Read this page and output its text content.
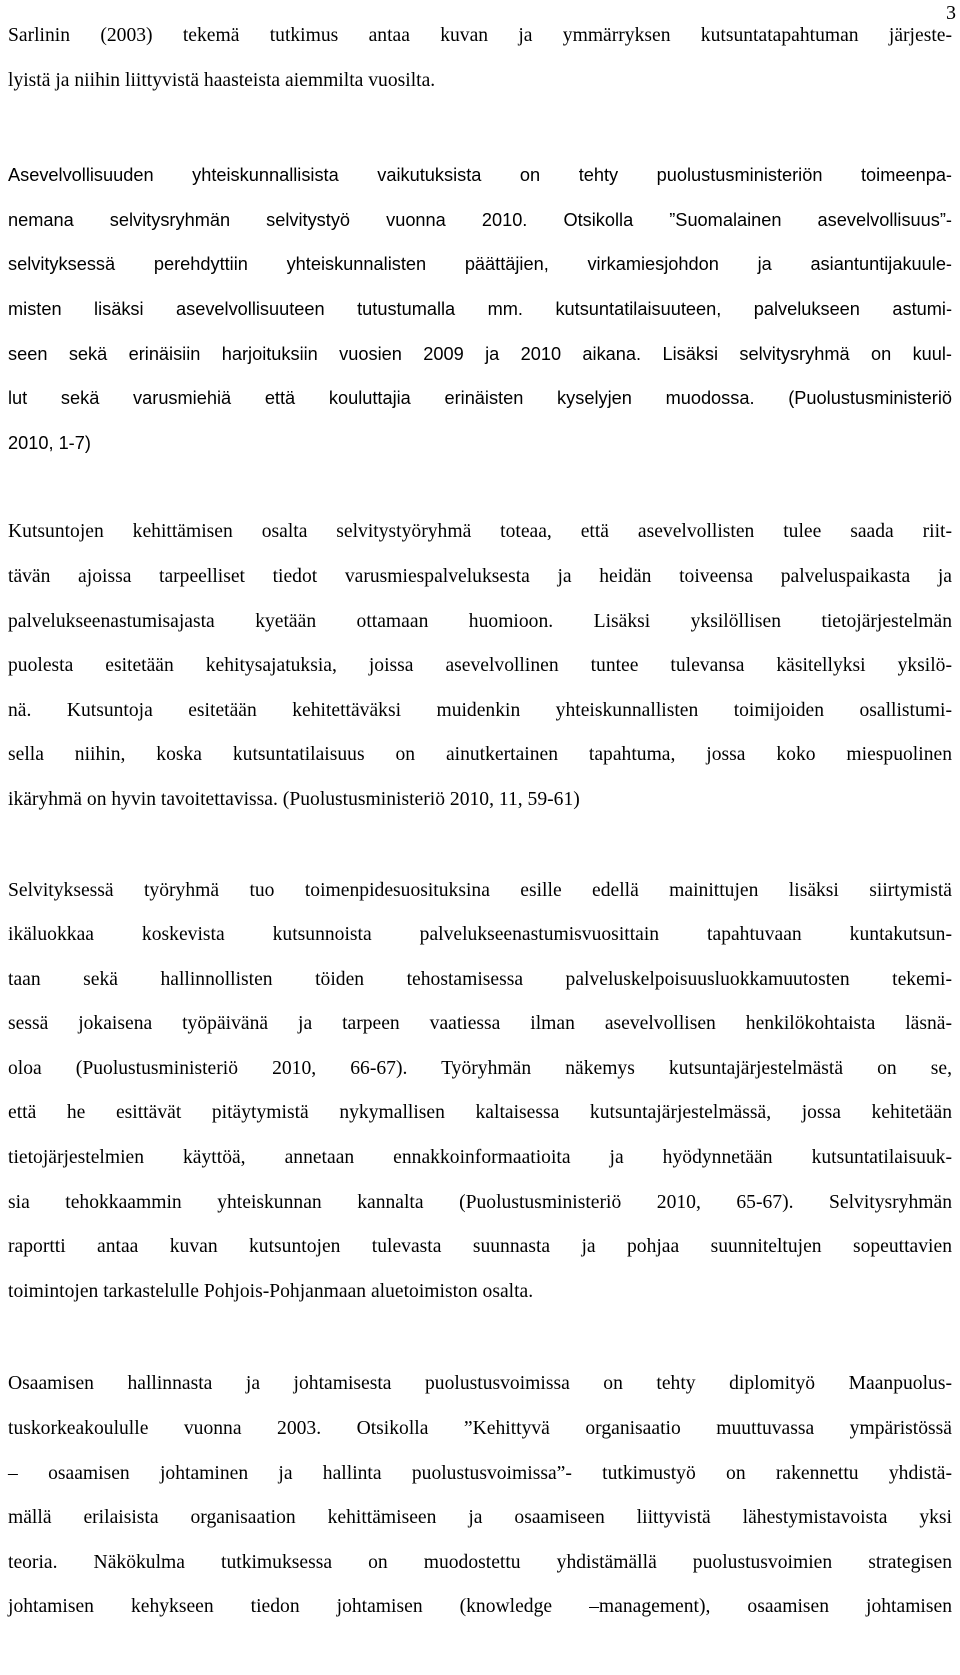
3

Sarlinin (2003) tekemä tutkimus antaa kuvan ja ymmärryksen kutsuntatapahtuman järjeste-
lyistä ja niihin liittyvistä haasteista aiemmilta vuosilta.

Asevelvollisuuden yhteiskunnallisista vaikutuksista on tehty puolustusministeriön toimeenpa-
nemana selvitysryhmän selvitystyö vuonna 2010. Otsikolla ”Suomalainen asevelvollisuus”-
selvityksessä perehdyttiin yhteiskunnalisten päättäjien, virkamiesjohdon ja asiantuntijakuule-
misten lisäksi asevelvollisuuteen tutustumalla mm. kutsuntatilaisuuteen, palvelukseen astumi-
seen sekä erinäisiin harjoituksiin vuosien 2009 ja 2010 aikana. Lisäksi selvitysryhmä on kuul-
lut sekä varusmiehiä että kouluttajia erinäisten kyselyjen muodossa. (Puolustusministeriö
2010, 1-7)

Kutsuntojen kehittämisen osalta selvitystyöryhmä toteaa, että asevelvollisten tulee saada riit-
tävän ajoissa tarpeelliset tiedot varusmiespalveluksesta ja heidän toiveensa palveluspaikasta ja
palvelukseenastumisajasta kyetään ottamaan huomioon. Lisäksi yksilöllisen tietojärjestelmän
puolesta esitetään kehitysajatuksia, joissa asevelvollinen tuntee tulevansa käsitellyksi yksilö-
nä. Kutsuntoja esitetään kehitettäväksi muidenkin yhteiskunnallisten toimijoiden osallistumi-
sella niihin, koska kutsuntatilaisuus on ainutkertainen tapahtuma, jossa koko miespuolinen
ikäryhmä on hyvin tavoitettavissa. (Puolustusministeriö 2010, 11, 59-61)

Selvityksessä työryhmä tuo toimenpidesuosituksina esille edellä mainittujen lisäksi siirtymistä
ikäluokkaa koskevista kutsunnoista palvelukseenastumisvuosittain tapahtuvaan kuntakutsun-
taan sekä hallinnollisten töiden tehostamisessa palveluskelpoisuusluokkamuutosten tekemi-
sessä jokaisena työpäivänä ja tarpeen vaatiessa ilman asevelvollisen henkilökohtaista läsnä-
oloa (Puolustusministeriö 2010, 66-67). Työryhmän näkemys kutsuntajärjestelmästä on se,
että he esittävät pitäytymistä nykymallisen kaltaisessa kutsuntajärjestelmässä, jossa kehitetään
tietojärjestelmien käyttöä, annetaan ennakkoinformaatioita ja hyödynnetään kutsuntatilaisuuk-
sia tehokkaammin yhteiskunnan kannalta (Puolustusministeriö 2010, 65-67). Selvitysryhmän
raportti antaa kuvan kutsuntojen tulevasta suunnasta ja pohjaa suunniteltujen sopeuttavien
toimintojen tarkastelulle Pohjois-Pohjanmaan aluetoimiston osalta.

Osaamisen hallinnasta ja johtamisesta puolustusvoimissa on tehty diplomityö Maanpuolus-
tuskorkeakoululle vuonna 2003. Otsikolla ”Kehittyvä organisaatio muuttuvassa ympäristössä
– osaamisen johtaminen ja hallinta puolustusvoimissa”- tutkimustyö on rakennettu yhdistä-
mällä erilaisista organisaation kehittämiseen ja osaamiseen liittyvistä lähestymistavoista yksi
teoria. Näkökulma tutkimuksessa on muodostettu yhdistämällä puolustusvoimien strategisen
johtamisen kehykseen tiedon johtamisen (knowledge –management), osaamisen johtamisen
